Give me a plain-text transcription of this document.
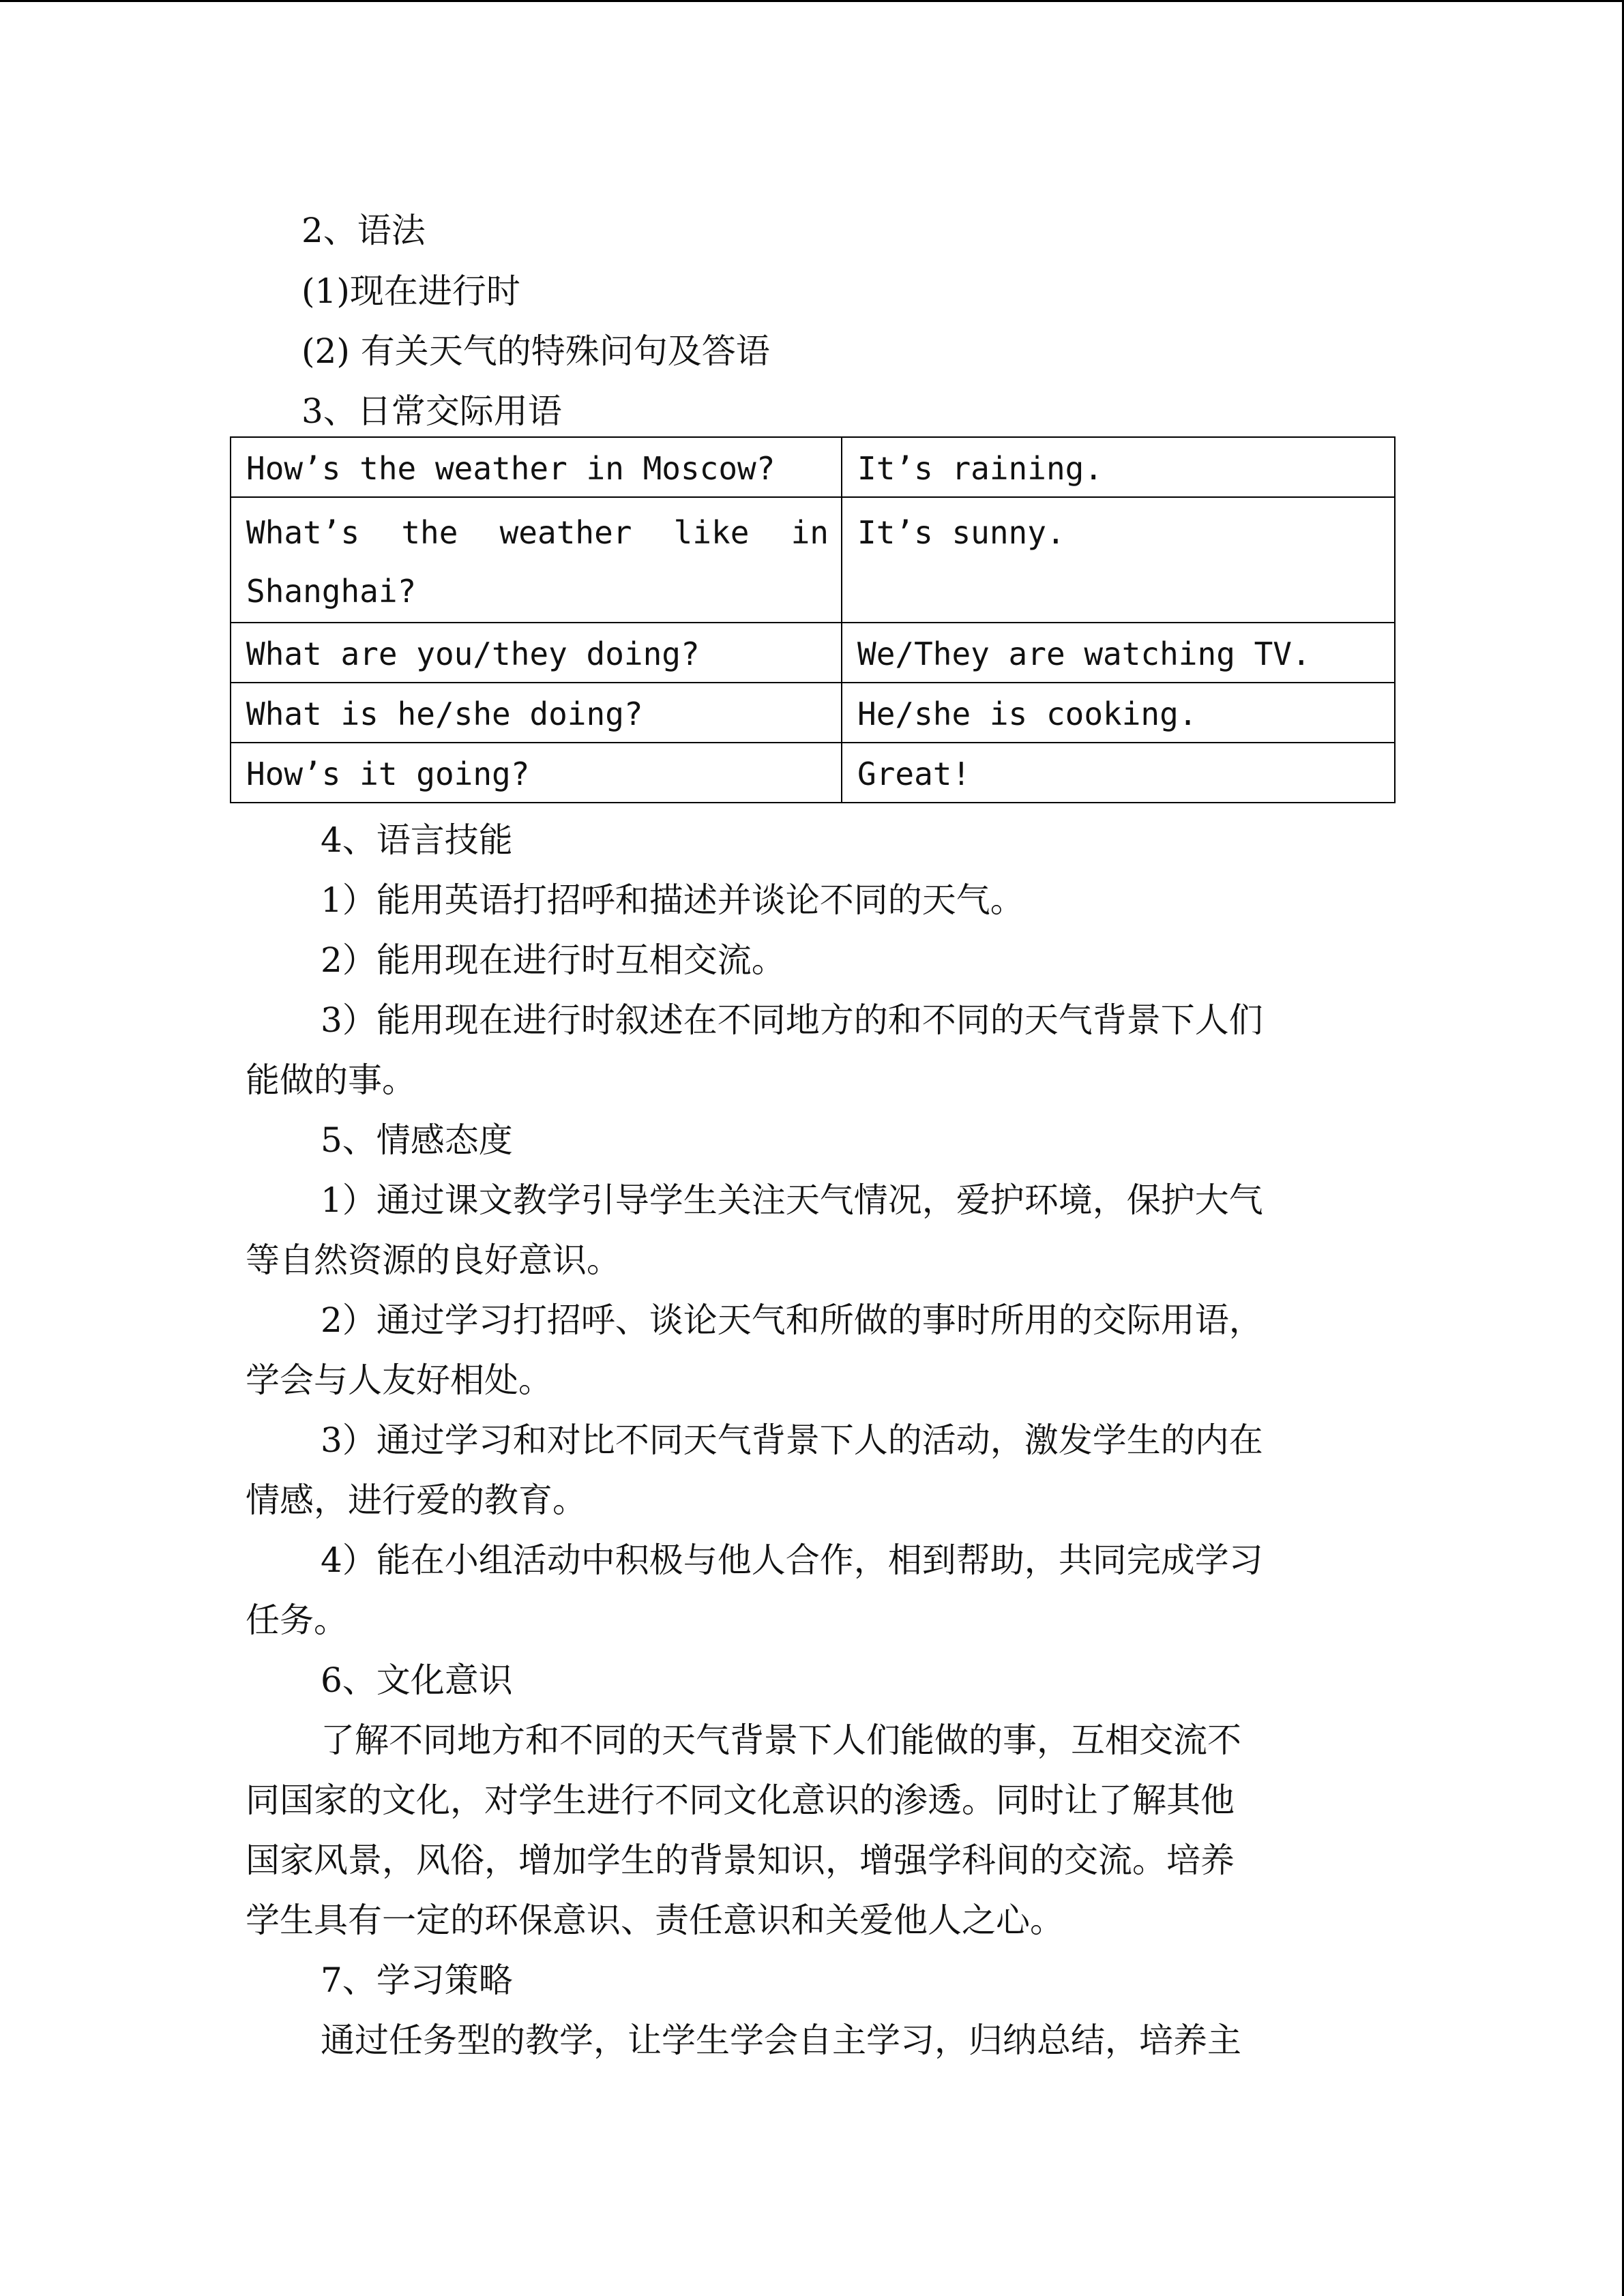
2、语法
(1)现在进行时
(2) 有关天气的特殊问句及答语
3、日常交际用语
How’s the weather in Moscow?	It’s raining.
What’s the weather like in Shanghai?	It’s sunny.
What are you/they doing?	We/They are watching TV.
What is he/she doing?	He/she is cooking.
How’s it going?	Great!
4、语言技能
1）能用英语打招呼和描述并谈论不同的天气。
2）能用现在进行时互相交流。
3）能用现在进行时叙述在不同地方的和不同的天气背景下人们
能做的事。
5、情感态度
1）通过课文教学引导学生关注天气情况，爱护环境，保护大气
等自然资源的良好意识。
2）通过学习打招呼、谈论天气和所做的事时所用的交际用语，
学会与人友好相处。
3）通过学习和对比不同天气背景下人的活动，激发学生的内在
情感，进行爱的教育。
4）能在小组活动中积极与他人合作，相到帮助，共同完成学习
任务。
6、文化意识
了解不同地方和不同的天气背景下人们能做的事，互相交流不
同国家的文化，对学生进行不同文化意识的渗透。同时让了解其他
国家风景，风俗，增加学生的背景知识，增强学科间的交流。培养
学生具有一定的环保意识、责任意识和关爱他人之心。
7、学习策略
通过任务型的教学，让学生学会自主学习，归纳总结，培养主
